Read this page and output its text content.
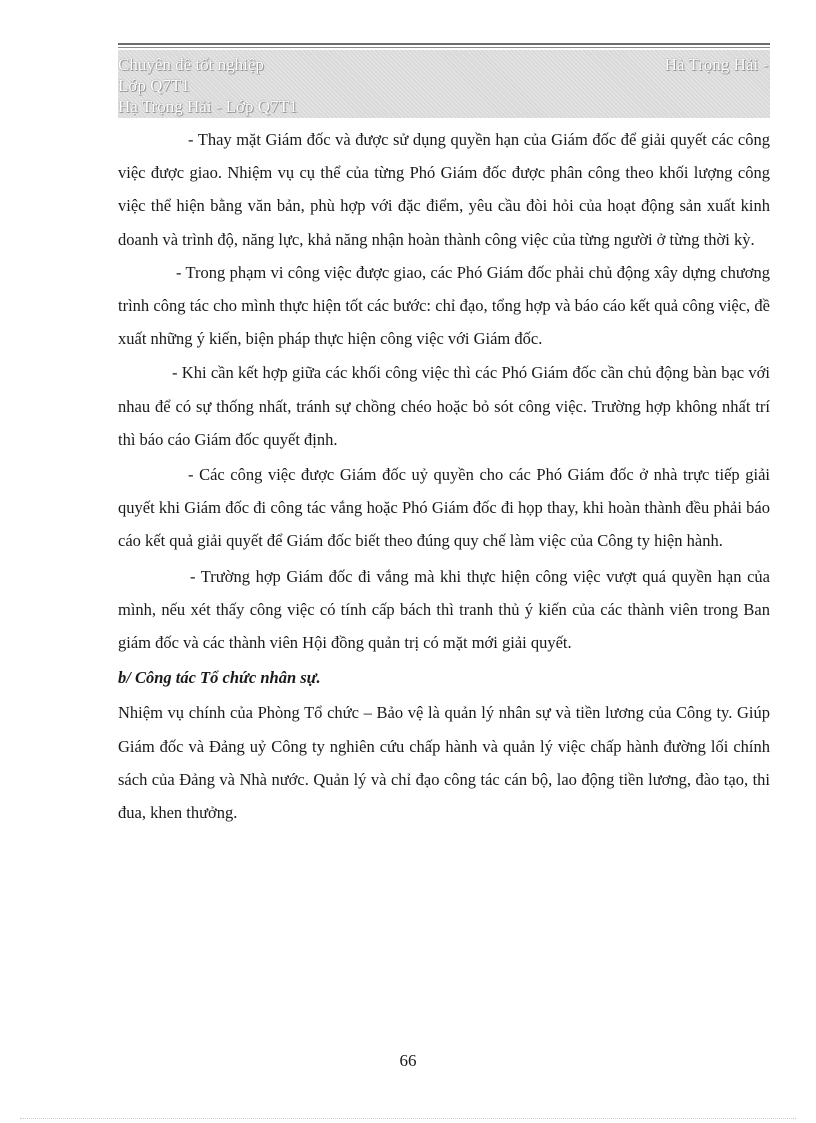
Chuyên đề tốt nghiệp	Hà Trọng Hải -
Lớp Q7T1
Hạ Trọng Hải - Lớp Q7T1

- Thay mặt Giám đốc và được sử dụng quyền hạn của Giám đốc để giải quyết các công việc được giao. Nhiệm vụ cụ thể của từng Phó Giám đốc được phân công theo khối lượng công việc thể hiện bằng văn bản, phù hợp với đặc điểm, yêu cầu đòi hỏi của hoạt động sản xuất kinh doanh và trình độ, năng lực, khả năng nhận hoàn thành công việc của từng người ở từng thời kỳ.

- Trong phạm vi công việc được giao, các Phó Giám đốc phải chủ động xây dựng chương trình công tác cho mình thực hiện tốt các bước: chỉ đạo, tổng hợp và báo cáo kết quả công việc, đề xuất những ý kiến, biện pháp thực hiện công việc với Giám đốc.

- Khi cần kết hợp giữa các khối công việc thì các Phó Giám đốc cần chủ động bàn bạc với nhau để có sự thống nhất, tránh sự chồng chéo hoặc bỏ sót công việc. Trường hợp không nhất trí thì báo cáo Giám đốc quyết định.

- Các công việc được Giám đốc uỷ quyền cho các Phó Giám đốc ở nhà trực tiếp giải quyết khi Giám đốc đi công tác vắng hoặc Phó Giám đốc đi họp thay, khi hoàn thành đều phải báo cáo kết quả giải quyết để Giám đốc biết theo đúng quy chế làm việc của Công ty hiện hành.

- Trường hợp Giám đốc đi vắng mà khi thực hiện công việc vượt quá quyền hạn của mình, nếu xét thấy công việc có tính cấp bách thì tranh thủ ý kiến của các thành viên trong Ban giám đốc và các thành viên Hội đồng quản trị có mặt mới giải quyết.

b/ Công tác Tổ chức nhân sự.

Nhiệm vụ chính của Phòng Tổ chức – Bảo vệ là quản lý nhân sự và tiền lương của Công ty. Giúp Giám đốc và Đảng uỷ Công ty nghiên cứu chấp hành và quản lý việc chấp hành đường lối chính sách của Đảng và Nhà nước. Quản lý và chỉ đạo công tác cán bộ, lao động tiền lương, đào tạo, thi đua, khen thưởng.

66
